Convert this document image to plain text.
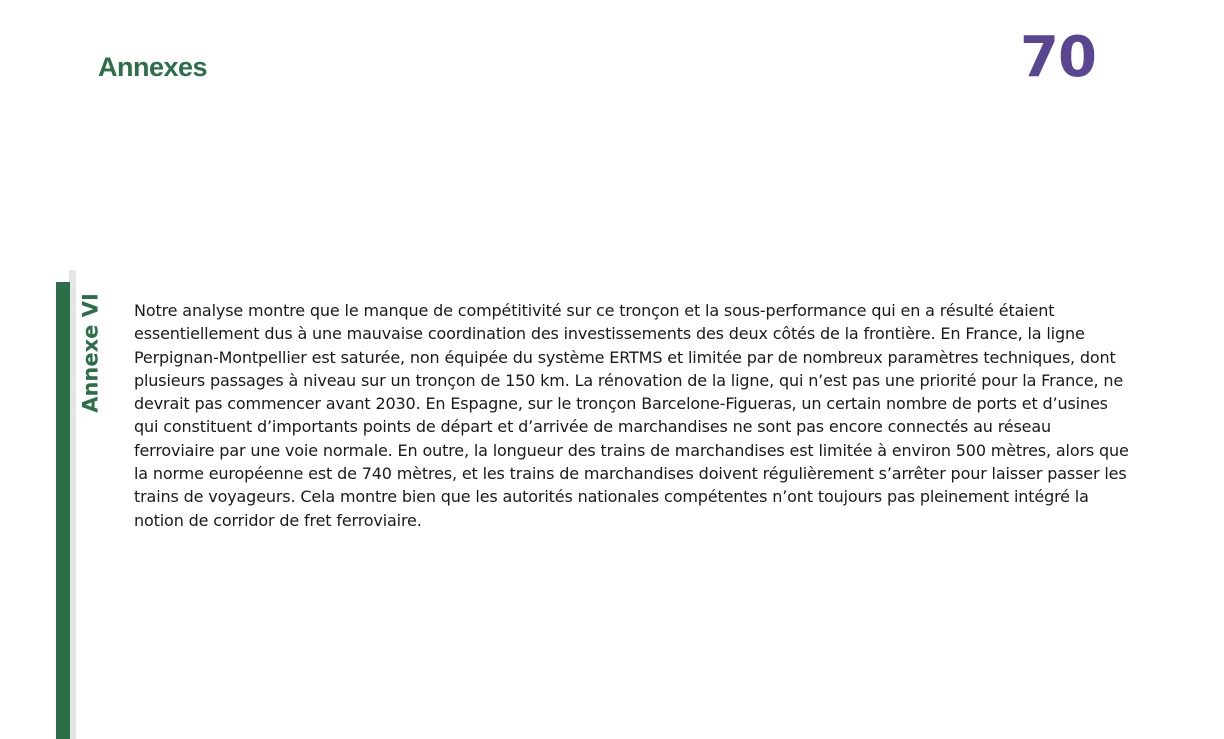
Annexes	70
Annexe VI Notre analyse montre que le manque de compétitivité sur ce tronçon et la sous-performance qui en a résulté étaient essentiellement dus à une mauvaise coordination des investissements des deux côtés de la frontière. En France, la ligne Perpignan-Montpellier est saturée, non équipée du système ERTMS et limitée par de nombreux paramètres techniques, dont plusieurs passages à niveau sur un tronçon de 150 km. La rénovation de la ligne, qui n’est pas une priorité pour la France, ne devrait pas commencer avant 2030. En Espagne, sur le tronçon Barcelone-Figueras, un certain nombre de ports et d’usines qui constituent d’importants points de départ et d’arrivée de marchandises ne sont pas encore connectés au réseau ferroviaire par une voie normale. En outre, la longueur des trains de marchandises est limitée à environ 500 mètres, alors que la norme européenne est de 740 mètres, et les trains de marchandises doivent régulièrement s’arrêter pour laisser passer les trains de voyageurs. Cela montre bien que les autorités nationales compétentes n’ont toujours pas pleinement intégré la notion de corridor de fret ferroviaire.
